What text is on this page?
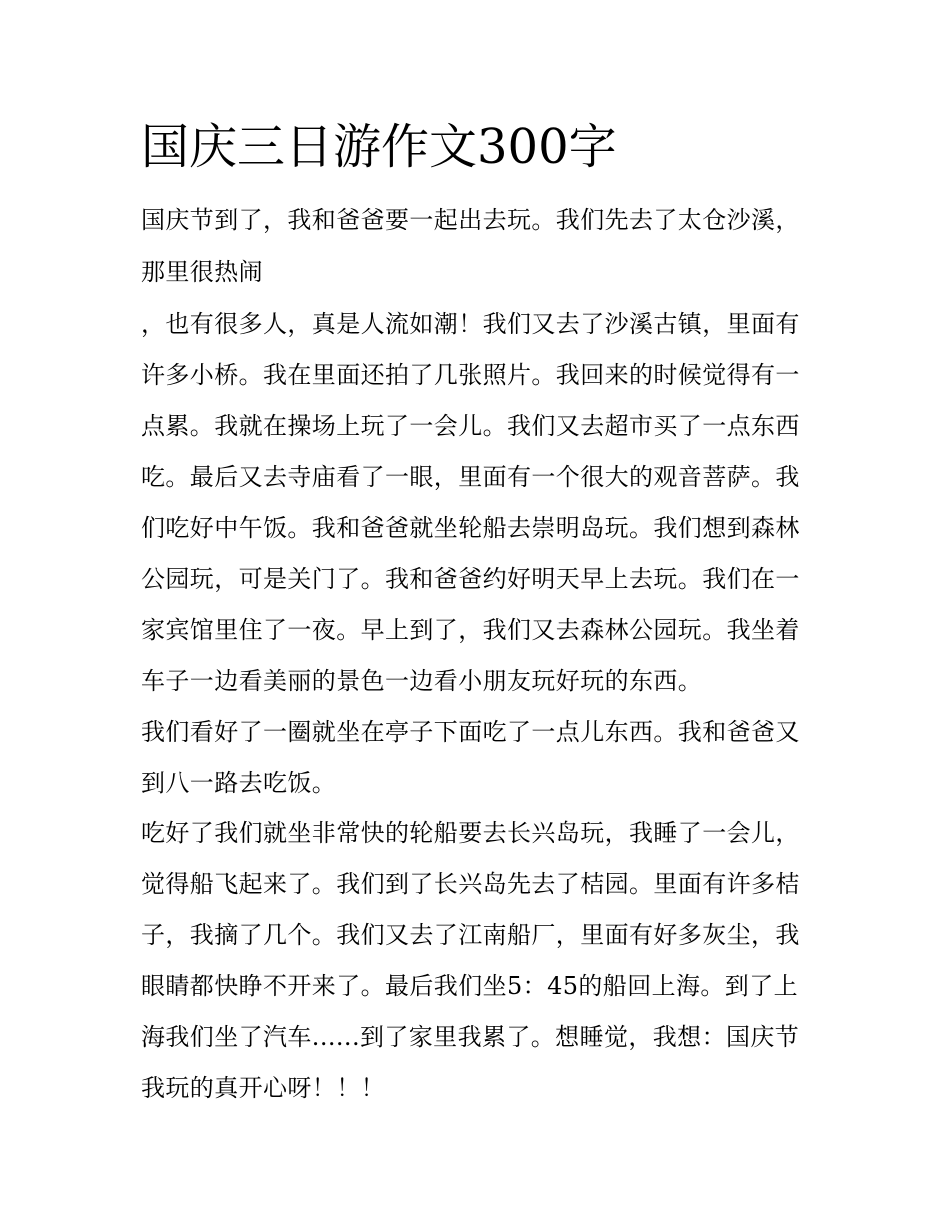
国庆三日游作文300字

国庆节到了，我和爸爸要一起出去玩。我们先去了太仓沙溪，

那里很热闹

，也有很多人，真是人流如潮！我们又去了沙溪古镇，里面有

许多小桥。我在里面还拍了几张照片。我回来的时候觉得有一

点累。我就在操场上玩了一会儿。我们又去超市买了一点东西

吃。最后又去寺庙看了一眼，里面有一个很大的观音菩萨。我

们吃好中午饭。我和爸爸就坐轮船去崇明岛玩。我们想到森林

公园玩，可是关门了。我和爸爸约好明天早上去玩。我们在一

家宾馆里住了一夜。早上到了，我们又去森林公园玩。我坐着

车子一边看美丽的景色一边看小朋友玩好玩的东西。

我们看好了一圈就坐在亭子下面吃了一点儿东西。我和爸爸又

到八一路去吃饭。

吃好了我们就坐非常快的轮船要去长兴岛玩，我睡了一会儿，

觉得船飞起来了。我们到了长兴岛先去了桔园。里面有许多桔

子，我摘了几个。我们又去了江南船厂，里面有好多灰尘，我

眼睛都快睁不开来了。最后我们坐5：45的船回上海。到了上

海我们坐了汽车......到了家里我累了。想睡觉，我想：国庆节

我玩的真开心呀！！！
